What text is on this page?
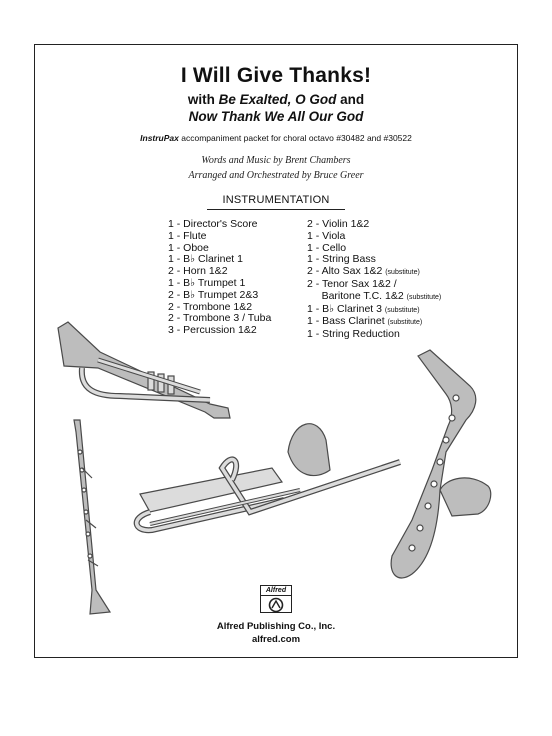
I Will Give Thanks!
with Be Exalted, O God and
Now Thank We All Our God
InstruPax accompaniment packet for choral octavo #30482 and #30522
Words and Music by Brent Chambers
Arranged and Orchestrated by Bruce Greer
INSTRUMENTATION
1 - Director's Score
1 - Flute
1 - Oboe
1 - B♭ Clarinet 1
2 - Horn 1&2
1 - B♭ Trumpet 1
2 - B♭ Trumpet 2&3
2 - Trombone 1&2
2 - Trombone 3 / Tuba
3 - Percussion 1&2
2 - Violin 1&2
1 - Viola
1 - Cello
1 - String Bass
2 - Alto Sax 1&2 (substitute)
2 - Tenor Sax 1&2 /
Baritone T.C. 1&2 (substitute)
1 - B♭ Clarinet 3 (substitute)
1 - Bass Clarinet (substitute)
1 - String Reduction
Alfred
Alfred Publishing Co., Inc.
alfred.com
